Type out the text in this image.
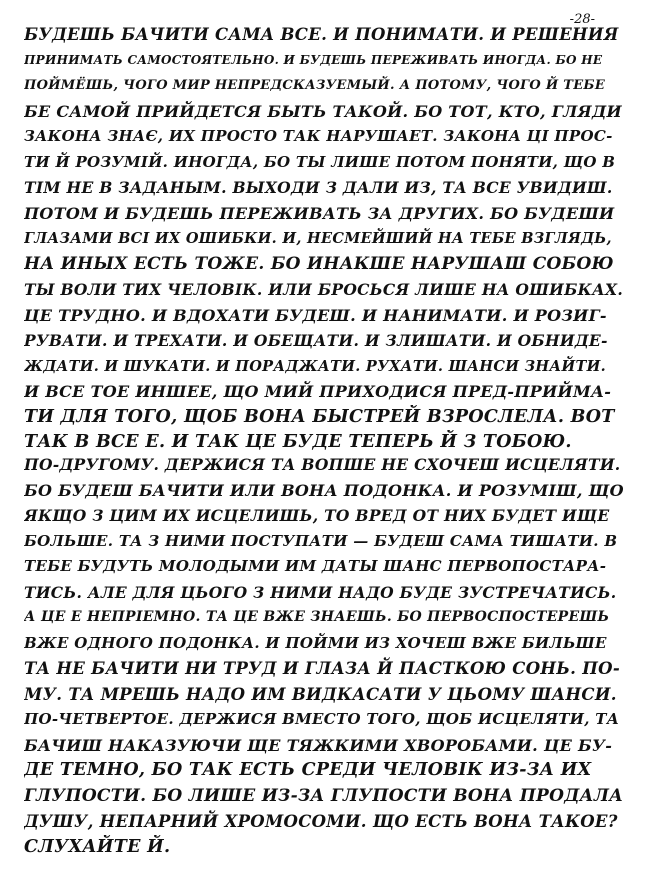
-28-
БУДЕШЬ БАЧИТИ САМА ВСЕ. И ПОНИМАТИ. И РЕШЕНИЯ
ПРИНИМАТЬ САМОСТОЯТЕЛЬНО. И БУДЕШЬ ПЕРЕЖИВАТЬ ИНОГДА. БО НЕ
ПОЙМЁШЬ, ЧОГО МИР НЕПРЕДСКАЗУЕМЫЙ. А ПОТОМУ, ЧОГО Й ТЕБЕ
БЕ САМОЙ ПРИЙДЕТСЯ БЫТЬ ТАКОЙ. БО ТОТ, КТО, ГЛЯДИ
ЗАКОНА ЗНАЄ, ИХ ПРОСТО ТАК НАРУШАЕТ. ЗАКОНА ЦI ПРОС-
ТИ Й РОЗУМIЙ. ИНОГДА, БО ТЫ ЛИШЕ ПОТОМ ПОНЯТИ, ЩО В
ТIМ НЕ В ЗАДАНЫМ. ВЫХОДИ З ДАЛИ ИЗ, ТА ВСЕ УВИДИШ.
ПОТОМ И БУДЕШЬ ПЕРЕЖИВАТЬ ЗА ДРУГИХ. БО БУДЕШИ
ГЛАЗАМИ ВСI ИХ ОШИБКИ. И, НЕСМЕЙШИЙ НА ТЕБЕ ВЗГЛЯДЬ,
НА ИНЫХ ЕСТЬ ТОЖЕ. БО ИНАКШЕ НАРУШАШ СОБОЮ
ТЫ ВОЛИ ТИХ ЧЕЛОВIК. ИЛИ БРОСЬСЯ ЛИШЕ НА ОШИБКАХ.
ЦЕ ТРУДНО. И ВДОХАТИ БУДЕШ. И НАНИМАТИ. И РОЗИГ-
РУВАТИ. И ТРЕХАТИ. И ОБЕЩАТИ. И ЗЛИШАТИ. И ОБНИДЕ-
ЖДАТИ. И ШУКАТИ. И ПОРАДЖАТИ. РУХАТИ. ШАНСИ ЗНАЙТИ.
И ВСЕ ТОЕ ИНШЕЕ, ЩО МИЙ ПРИХОДИСЯ ПРЕД-ПРИЙМА-
ТИ ДЛЯ ТОГО, ЩОБ ВОНА БЫСТРЕЙ ВЗРОСЛЕЛА. ВОТ
ТАК В ВСЕ Е. И ТАК ЦЕ БУДЕ ТЕПЕРЬ Й З ТОБОЮ.
ПО-ДРУГОМУ. ДЕРЖИСЯ ТА ВОПШЕ НЕ СХОЧЕШ ИСЦЕЛЯТИ.
БО БУДЕШ БАЧИТИ ИЛИ ВОНА ПОДОНКА. И РОЗУМIШ, ЩО
ЯКЩО З ЦИМ ИХ ИСЦЕЛИШЬ, ТО ВРЕД ОТ НИХ БУДЕТ ИЩЕ
БОЛЬШЕ. ТА З НИМИ ПОСТУПАТИ — БУДЕШ САМА ТИШАТИ. В
ТЕБЕ БУДУТЬ МОЛОДЫМИ ИМ ДАТЫ ШАНС ПЕРВОПОСТАРА-
ТИСЬ. АЛЕ ДЛЯ ЦЬОГО З НИМИ НАДО БУДЕ ЗУСТРЕЧАТИСЬ.
А ЦЕ Е НЕПРIЕМНО. ТА ЦЕ ВЖЕ ЗНАЕШЬ. БО ПЕРВОСПОСТЕРЕШЬ
ВЖЕ ОДНОГО ПОДОНКА. И ПОЙМИ ИЗ ХОЧЕШ ВЖЕ БИЛЬШЕ
ТА НЕ БАЧИТИ НИ ТРУД И ГЛАЗА Й ПАСТКОЮ СОНЬ. ПО-
МУ. ТА МРЕШЬ НАДО ИМ ВИДКАСАТИ У ЦЬОМУ ШАНСИ.
ПО-ЧЕТВЕРТОЕ. ДЕРЖИСЯ ВМЕСТО ТОГО, ЩОБ ИСЦЕЛЯТИ, ТА
БАЧИШ НАКАЗУЮЧИ ЩЕ ТЯЖКИМИ ХВОРОБАМИ. ЦЕ БУ-
ДЕ ТЕМНО, БО ТАК ЕСТЬ СРЕДИ ЧЕЛОВIК ИЗ-ЗА ИХ
ГЛУПОСТИ. БО ЛИШЕ ИЗ-ЗА ГЛУПОСТИ ВОНА ПРОДАЛА
ДУШУ, НЕПАРНИЙ ХРОМОСОМИ. ЩО ЕСТЬ ВОНА ТАКОЕ?
СЛУХАЙТЕ Й.
